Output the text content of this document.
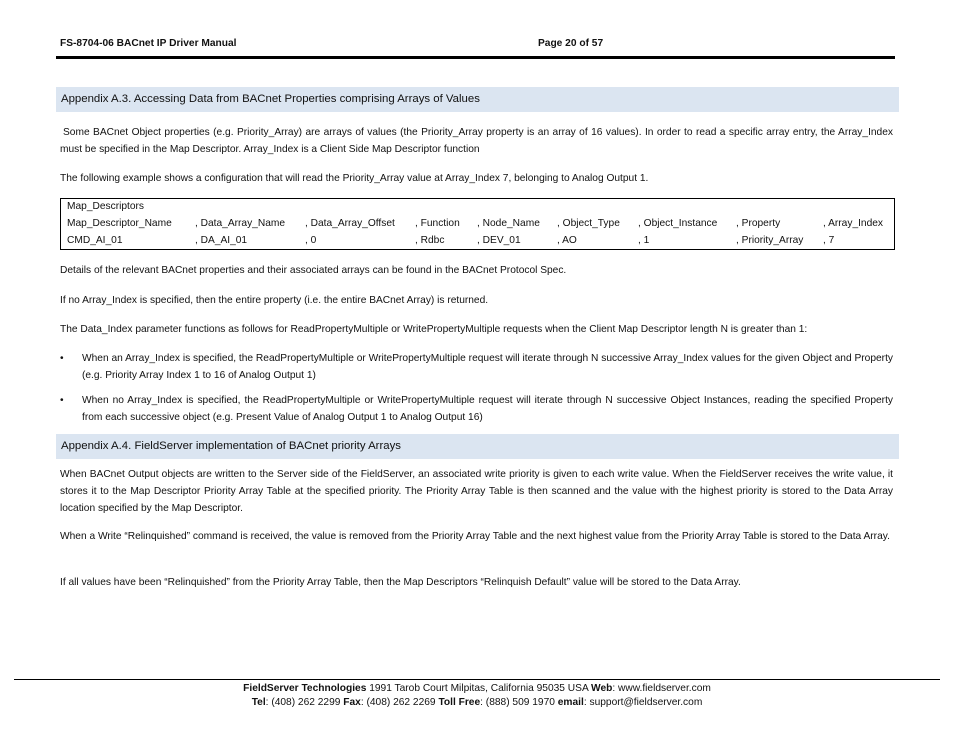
FS-8704-06 BACnet IP Driver Manual	Page 20 of 57
Appendix A.3. Accessing Data from BACnet Properties comprising Arrays of Values
Some BACnet Object properties (e.g. Priority_Array) are arrays of values (the Priority_Array property is an array of 16 values). In order to read a specific array entry, the Array_Index must be specified in the Map Descriptor. Array_Index is a Client Side Map Descriptor function
The following example shows a configuration that will read the Priority_Array value at Array_Index 7, belonging to Analog Output 1.
Map_Descriptors
Map_Descriptor_Name , Data_Array_Name , Data_Array_Offset , Function , Node_Name , Object_Type , Object_Instance , Property	, Array_Index
CMD_AI_01	, DA_AI_01	, 0	, Rdbc	, DEV_01	, AO	, 1	, Priority_Array , 7
Details of the relevant BACnet properties and their associated arrays can be found in the BACnet Protocol Spec.
If no Array_Index is specified, then the entire property (i.e. the entire BACnet Array) is returned.
The Data_Index parameter functions as follows for ReadPropertyMultiple or WritePropertyMultiple requests when the Client Map Descriptor length N is greater than 1:
• When an Array_Index is specified, the ReadPropertyMultiple or WritePropertyMultiple request will iterate through N successive Array_Index values for the given Object and Property (e.g. Priority Array Index 1 to 16 of Analog Output 1)
• When no Array_Index is specified, the ReadPropertyMultiple or WritePropertyMultiple request will iterate through N successive Object Instances, reading the specified Property from each successive object (e.g. Present Value of Analog Output 1 to Analog Output 16)
Appendix A.4. FieldServer implementation of BACnet priority Arrays
When BACnet Output objects are written to the Server side of the FieldServer, an associated write priority is given to each write value. When the FieldServer receives the write value, it stores it to the Map Descriptor Priority Array Table at the specified priority. The Priority Array Table is then scanned and the value with the highest priority is stored to the Data Array location specified by the Map Descriptor.
When a Write “Relinquished” command is received, the value is removed from the Priority Array Table and the next highest value from the Priority Array Table is stored to the Data Array.
If all values have been “Relinquished” from the Priority Array Table, then the Map Descriptors “Relinquish Default” value will be stored to the Data Array.
FieldServer Technologies 1991 Tarob Court Milpitas, California 95035 USA Web: www.fieldserver.com
Tel: (408) 262 2299 Fax: (408) 262 2269 Toll Free: (888) 509 1970 email: support@fieldserver.com
